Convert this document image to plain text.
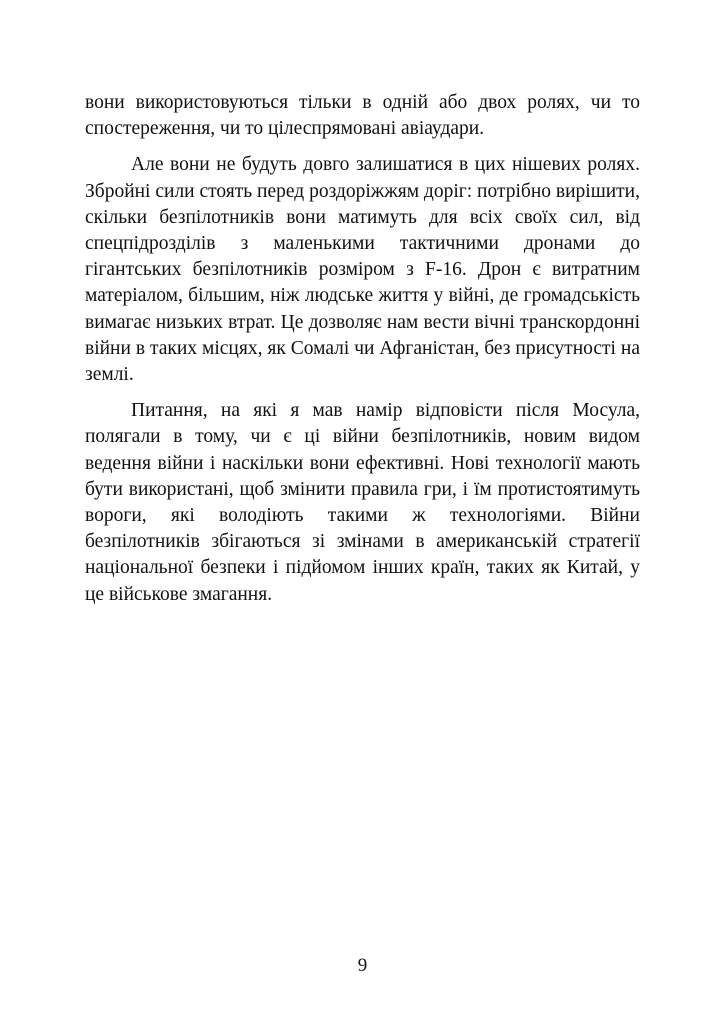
вони використовуються тільки в одній або двох ролях, чи то спостереження, чи то цілеспрямовані авіаудари.

Але вони не будуть довго залишатися в цих нішевих ролях. Збройні сили стоять перед роздоріжжям доріг: потрібно вирішити, скільки безпілотників вони матимуть для всіх своїх сил, від спецпідрозділів з маленькими тактичними дронами до гігантських безпілотників розміром з F-16. Дрон є витратним матеріалом, більшим, ніж людське життя у війні, де громадськість вимагає низьких втрат. Це дозволяє нам вести вічні транскордонні війни в таких місцях, як Сомалі чи Афганістан, без присутності на землі.

Питання, на які я мав намір відповісти після Мосула, полягали в тому, чи є ці війни безпілотників, новим видом ведення війни і наскільки вони ефективні. Нові технології мають бути використані, щоб змінити правила гри, і їм протистоятимуть вороги, які володіють такими ж технологіями. Війни безпілотників збігаються зі змінами в американській стратегії національної безпеки і підйомом інших країн, таких як Китай, у це військове змагання.

9
